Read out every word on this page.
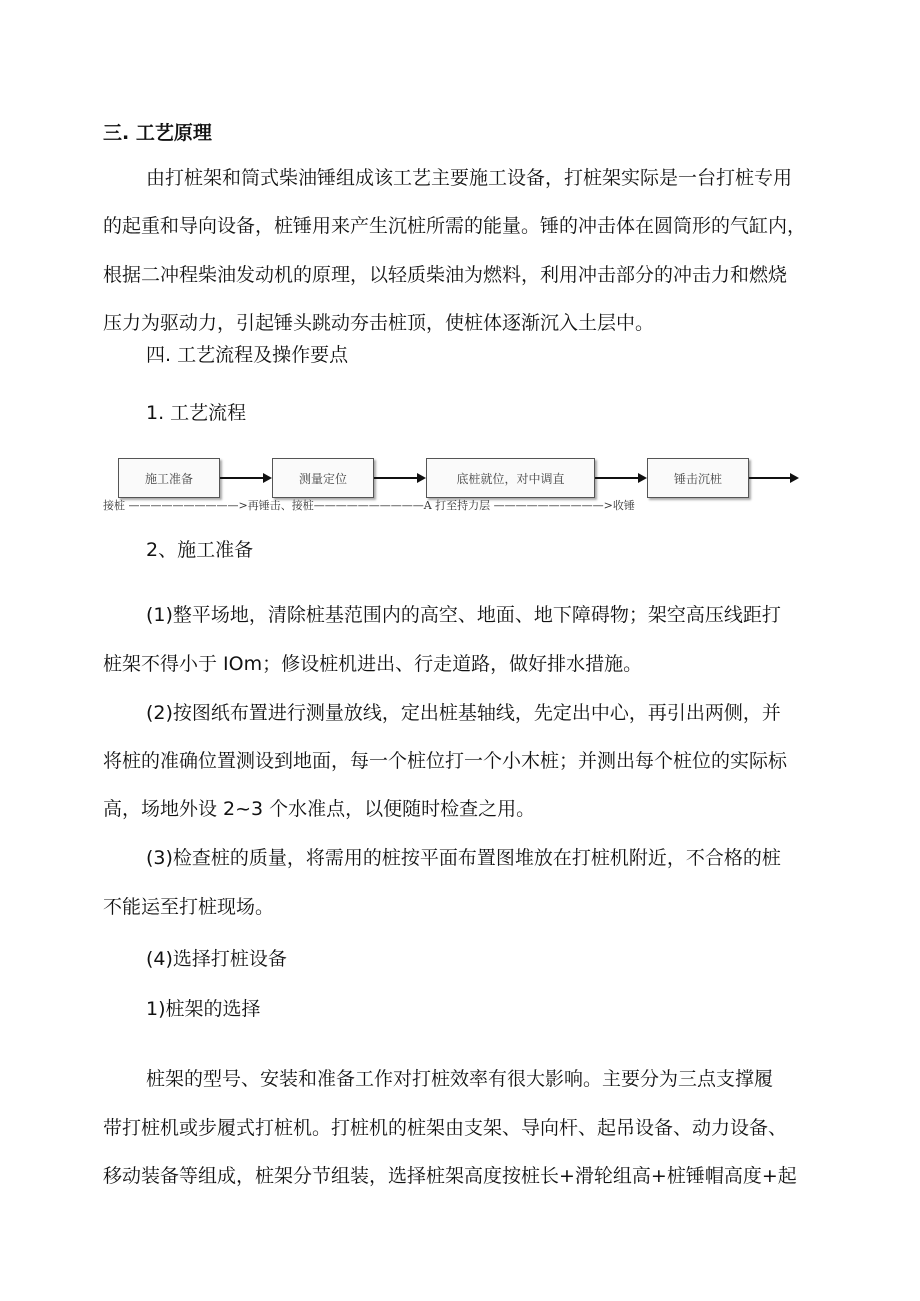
三. 工艺原理
由打桩架和筒式柴油锤组成该工艺主要施工设备，打桩架实际是一台打桩专用
的起重和导向设备，桩锤用来产生沉桩所需的能量。锤的冲击体在圆筒形的气缸内，
根据二冲程柴油发动机的原理，以轻质柴油为燃料，利用冲击部分的冲击力和燃烧
压力为驱动力，引起锤头跳动夯击桩顶，使桩体逐渐沉入土层中。
四. 工艺流程及操作要点
1. 工艺流程
施工准备	测量定位	底桩就位，对中调直	锤击沉桩
接桩 ——————————>再锤击、接桩——————————A 打至持力层 ——————————>收锤
2、施工准备
(1)整平场地，清除桩基范围内的高空、地面、地下障碍物；架空高压线距打
桩架不得小于 IOm；修设桩机进出、行走道路，做好排水措施。
(2)按图纸布置进行测量放线，定出桩基轴线，先定出中心，再引出两侧，并
将桩的准确位置测设到地面，每一个桩位打一个小木桩；并测出每个桩位的实际标
高，场地外设 2~3 个水准点，以便随时检查之用。
(3)检查桩的质量，将需用的桩按平面布置图堆放在打桩机附近，不合格的桩
不能运至打桩现场。
(4)选择打桩设备
1)桩架的选择
桩架的型号、安装和准备工作对打桩效率有很大影响。主要分为三点支撑履
带打桩机或步履式打桩机。打桩机的桩架由支架、导向杆、起吊设备、动力设备、
移动装备等组成，桩架分节组装，选择桩架高度按桩长+滑轮组高+桩锤帽高度+起
